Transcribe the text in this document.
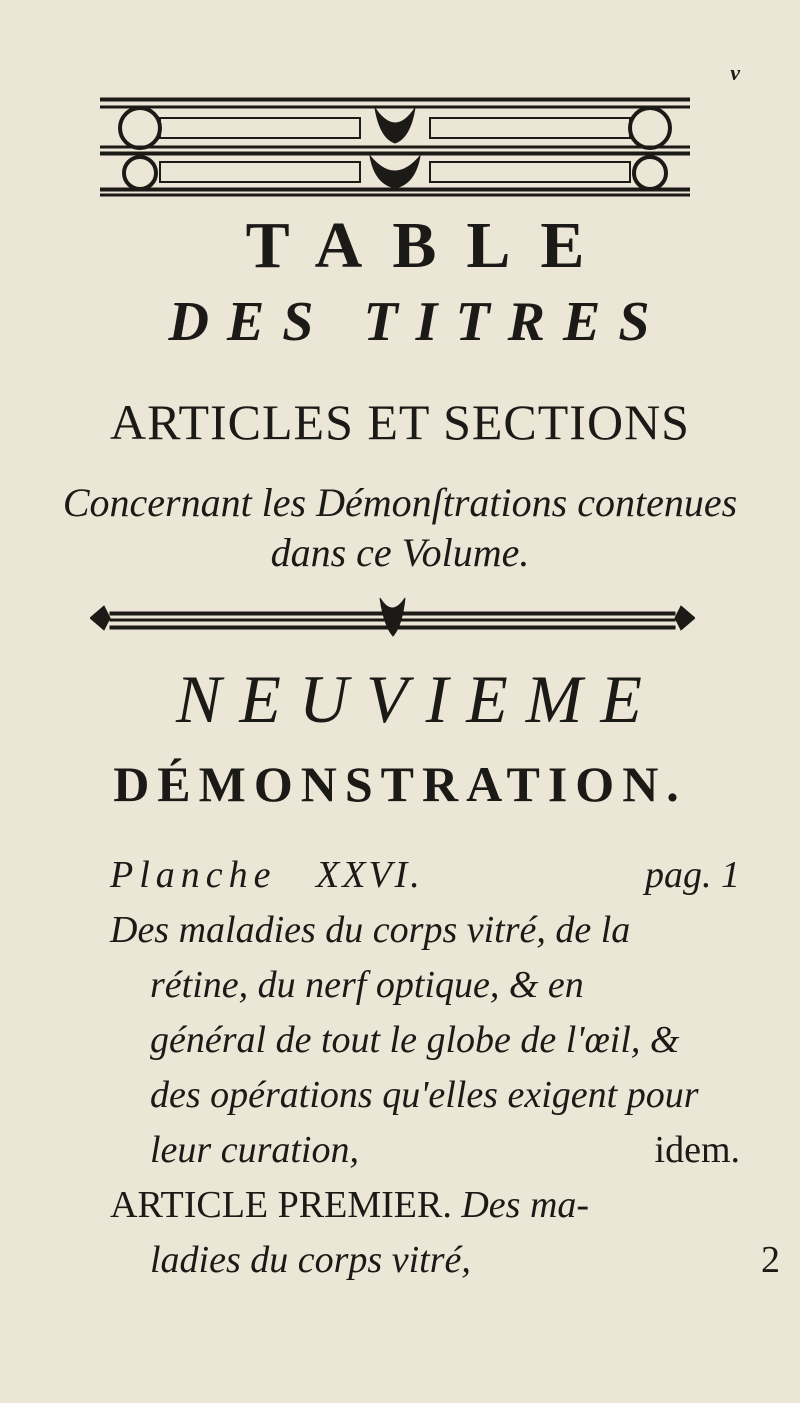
v
TABLE
DES TITRES
ARTICLES ET SECTIONS
Concernant les Démonſtrations contenues
dans ce Volume.
NEUVIEME
DÉMONSTRATION.
Planche XXVI.	pag. 1
Des maladies du corps vitré, de la
rétine, du nerf optique, & en
général de tout le globe de l'œil, &
des opérations qu'elles exigent pour
leur curation,	idem.
ARTICLE PREMIER. Des ma-
ladies du corps vitré,	2
